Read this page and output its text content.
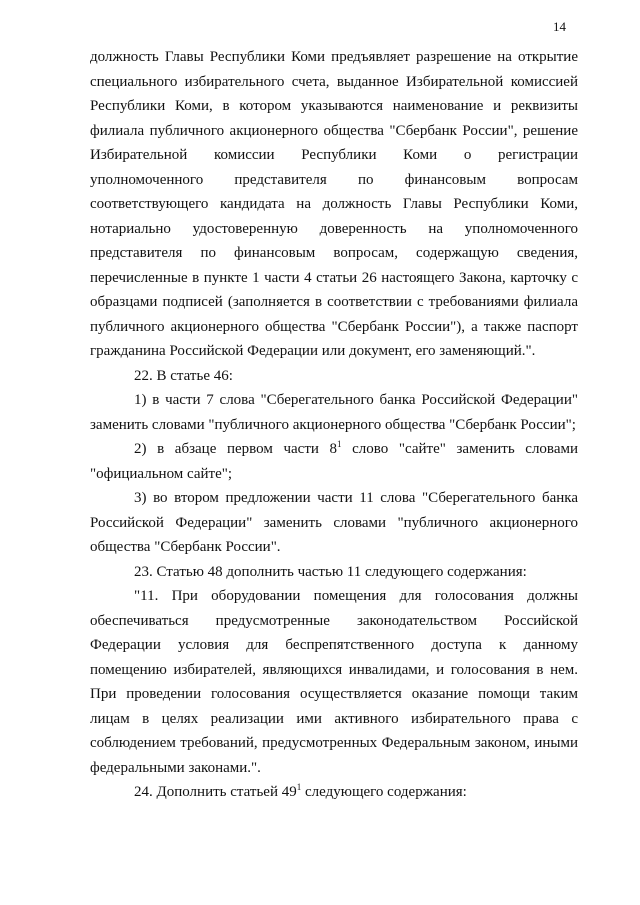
14

должность Главы Республики Коми предъявляет разрешение на открытие специального избирательного счета, выданное Избирательной комиссией Республики Коми, в котором указываются наименование и реквизиты филиала публичного акционерного общества "Сбербанк России", решение Избирательной комиссии Республики Коми о регистрации уполномоченного представителя по финансовым вопросам соответствующего кандидата на должность Главы Республики Коми, нотариально удостоверенную доверенность на уполномоченного представителя по финансовым вопросам, содержащую сведения, перечисленные в пункте 1 части 4 статьи 26 настоящего Закона, карточку с образцами подписей (заполняется в соответствии с требованиями филиала публичного акционерного общества "Сбербанк России"), а также паспорт гражданина Российской Федерации или документ, его заменяющий.".

22. В статье 46:

1) в части 7 слова "Сберегательного банка Российской Федерации" заменить словами "публичного акционерного общества "Сбербанк России";

2) в абзаце первом части $8^1$ слово "сайте" заменить словами "официальном сайте";

3) во втором предложении части 11 слова "Сберегательного банка Российской Федерации" заменить словами "публичного акционерного общества "Сбербанк России".

23. Статью 48 дополнить частью 11 следующего содержания:

"11. При оборудовании помещения для голосования должны обеспечиваться предусмотренные законодательством Российской Федерации условия для беспрепятственного доступа к данному помещению избирателей, являющихся инвалидами, и голосования в нем. При проведении голосования осуществляется оказание помощи таким лицам в целях реализации ими активного избирательного права с соблюдением требований, предусмотренных Федеральным законом, иными федеральными законами.".

24. Дополнить статьей $49^1$ следующего содержания:
